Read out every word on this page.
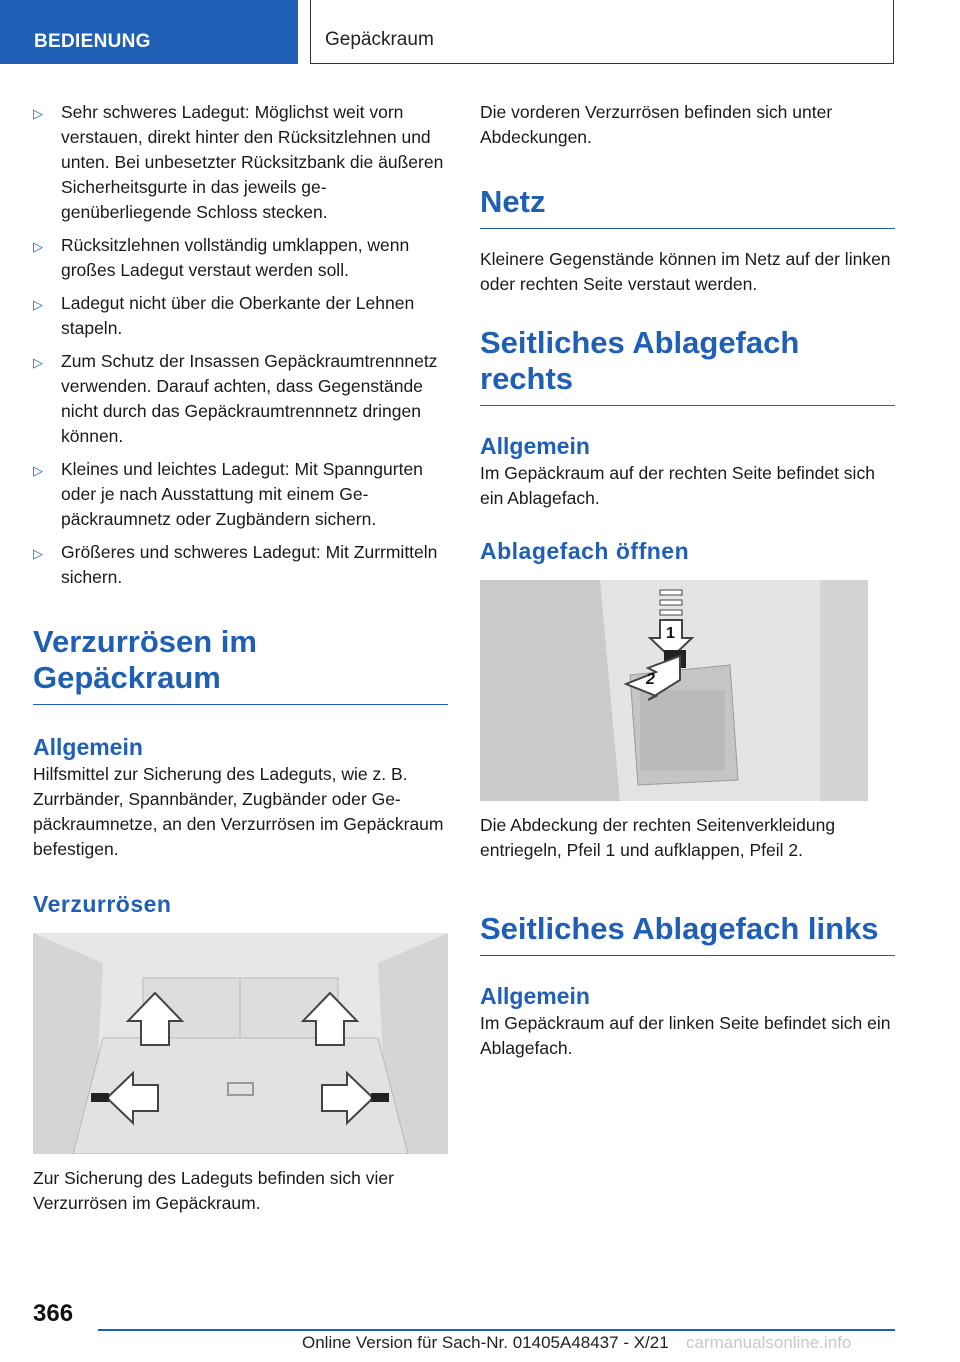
BEDIENUNG	Gepäckraum
▷	Sehr schweres Ladegut: Möglichst weit vorn verstauen, direkt hinter den Rücksitzlehnen und unten. Bei unbesetzter Rücksitzbank die äußeren Sicherheitsgurte in das jeweils gegenüberliegende Schloss stecken.
▷	Rücksitzlehnen vollständig umklappen, wenn großes Ladegut verstaut werden soll.
▷	Ladegut nicht über die Oberkante der Lehnen stapeln.
▷	Zum Schutz der Insassen Gepäckraumtrennnetz verwenden. Darauf achten, dass Gegenstände nicht durch das Gepäckraumtrennnetz dringen können.
▷	Kleines und leichtes Ladegut: Mit Spanngurten oder je nach Ausstattung mit einem Gepäckraumnetz oder Zugbändern sichern.
▷	Größeres und schweres Ladegut: Mit Zurrmitteln sichern.
Verzurrösen im Gepäckraum
Allgemein

Hilfsmittel zur Sicherung des Ladeguts, wie z. B. Zurrbänder, Spannbänder, Zugbänder oder Gepäckraumnetze, an den Verzurrösen im Gepäckraum befestigen.

Verzurrösen

Zur Sicherung des Ladeguts befinden sich vier Verzurrösen im Gepäckraum.

Die vorderen Verzurrösen befinden sich unter Abdeckungen.

Netz

Kleinere Gegenstände können im Netz auf der linken oder rechten Seite verstaut werden.

Seitliches Ablagefach rechts
Allgemein

Im Gepäckraum auf der rechten Seite befindet sich ein Ablagefach.

Ablagefach öffnen
1
2

Die Abdeckung der rechten Seitenverkleidung entriegeln, Pfeil 1 und aufklappen, Pfeil 2.

Seitliches Ablagefach links
Allgemein

Im Gepäckraum auf der linken Seite befindet sich ein Ablagefach.

366
Online Version für Sach-Nr. 01405A48437 - X/21 carmanualsonline.info
